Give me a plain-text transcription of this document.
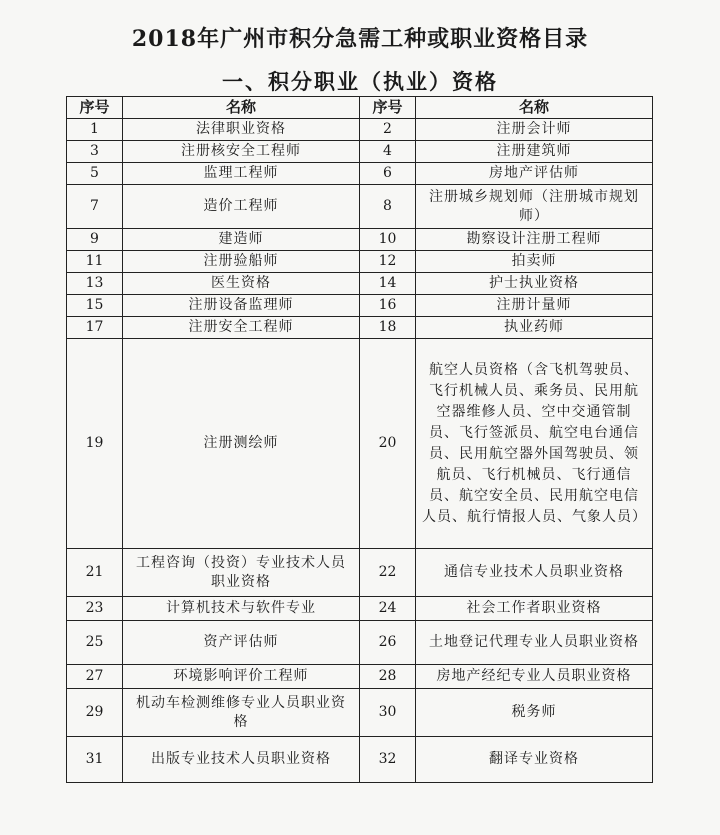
2018年广州市积分急需工种或职业资格目录
一、积分职业（执业）资格
序号	名称	序号	名称
1	法律职业资格	2	注册会计师
3	注册核安全工程师	4	注册建筑师
5	监理工程师	6	房地产评估师
7	造价工程师	8	注册城乡规划师（注册城市规划师）
9	建造师	10	勘察设计注册工程师
11	注册验船师	12	拍卖师
13	医生资格	14	护士执业资格
15	注册设备监理师	16	注册计量师
17	注册安全工程师	18	执业药师
19	注册测绘师	20	航空人员资格（含飞机驾驶员、飞行机械人员、乘务员、民用航空器维修人员、空中交通管制员、飞行签派员、航空电台通信员、民用航空器外国驾驶员、领航员、飞行机械员、飞行通信员、航空安全员、民用航空电信人员、航行情报人员、气象人员）
21	工程咨询（投资）专业技术人员职业资格	22	通信专业技术人员职业资格
23	计算机技术与软件专业	24	社会工作者职业资格
25	资产评估师	26	土地登记代理专业人员职业资格
27	环境影响评价工程师	28	房地产经纪专业人员职业资格
29	机动车检测维修专业人员职业资格	30	税务师
31	出版专业技术人员职业资格	32	翻译专业资格
